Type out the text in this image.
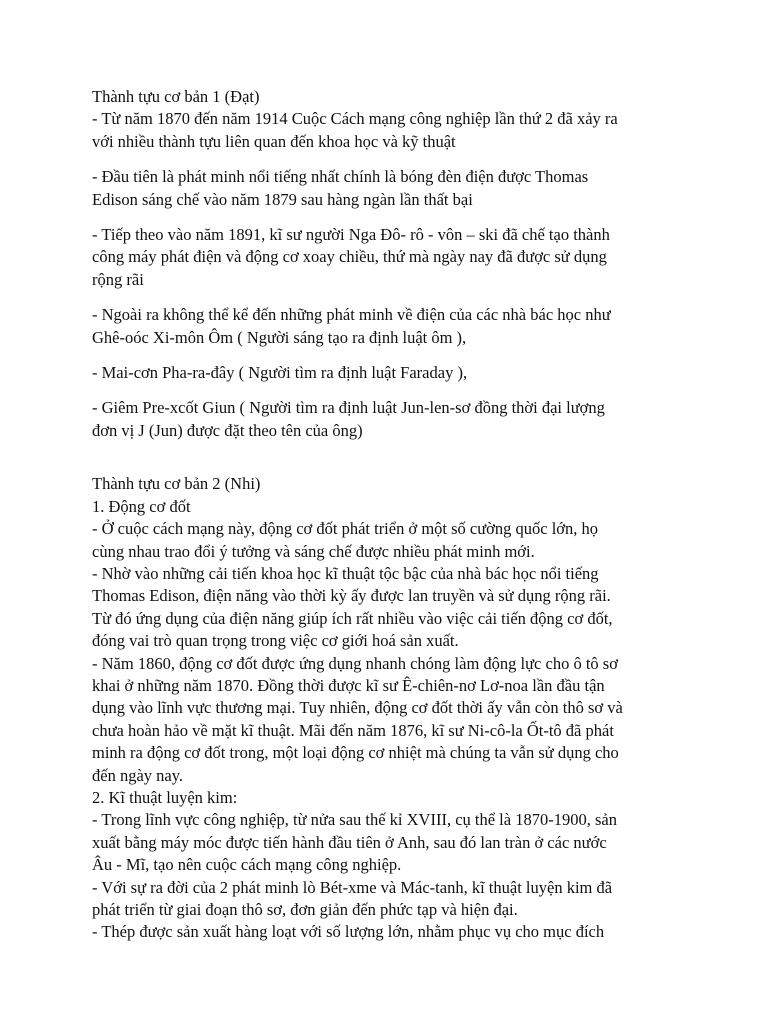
Thành tựu cơ bản 1 (Đạt)
- Từ năm 1870 đến năm 1914 Cuộc Cách mạng công nghiệp lần thứ 2 đã xảy ra
với nhiều thành tựu liên quan đến khoa học và kỹ thuật
- Đầu tiên là phát minh nổi tiếng nhất chính là bóng đèn điện được Thomas
Edison sáng chế vào năm 1879 sau hàng ngàn lần thất bại
- Tiếp theo vào năm 1891, kĩ sư người Nga Đô- rô - vôn – ski đã chế tạo thành
công máy phát điện và động cơ xoay chiều, thứ mà ngày nay đã được sử dụng
rộng rãi
- Ngoài ra không thể kể đến những phát minh về điện của các nhà bác học như
Ghê-oóc Xi-môn Ôm ( Người sáng tạo ra định luật ôm ),
- Mai-cơn Pha-ra-đây ( Người tìm ra định luật Faraday ),
- Giêm Pre-xcốt Giun ( Người tìm ra định luật Jun-len-sơ đồng thời đại lượng
đơn vị J (Jun) được đặt theo tên của ông)
Thành tựu cơ bản 2 (Nhi)
1. Động cơ đốt
- Ở cuộc cách mạng này, động cơ đốt phát triển ở một số cường quốc lớn, họ
cùng nhau trao đổi ý tưởng và sáng chế được nhiều phát minh mới.
- Nhờ vào những cải tiến khoa học kĩ thuật tộc bậc của nhà bác học nổi tiếng
Thomas Edison, điện năng vào thời kỳ ấy được lan truyền và sử dụng rộng rãi.
Từ đó ứng dụng của điện năng giúp ích rất nhiều vào việc cải tiến động cơ đốt,
đóng vai trò quan trọng trong việc cơ giới hoá sản xuất.
- Năm 1860, động cơ đốt được ứng dụng nhanh chóng làm động lực cho ô tô sơ
khai ở những năm 1870. Đồng thời được kĩ sư Ê-chiên-nơ Lơ-noa lần đầu tận
dụng vào lĩnh vực thương mại. Tuy nhiên, động cơ đốt thời ấy vẫn còn thô sơ và
chưa hoàn hảo về mặt kĩ thuật. Mãi đến năm 1876, kĩ sư Ni-cô-la Ốt-tô đã phát
minh ra động cơ đốt trong, một loại động cơ nhiệt mà chúng ta vẫn sử dụng cho
đến ngày nay.
2. Kĩ thuật luyện kim:
- Trong lĩnh vực công nghiệp, từ nửa sau thế kỉ XVIII, cụ thể là 1870-1900, sản
xuất bằng máy móc được tiến hành đầu tiên ở Anh, sau đó lan tràn ở các nước
Âu - Mĩ, tạo nên cuộc cách mạng công nghiệp.
- Với sự ra đời của 2 phát minh lò Bét-xme và Mác-tanh, kĩ thuật luyện kim đã
phát triển từ giai đoạn thô sơ, đơn giản đến phức tạp và hiện đại.
- Thép được sản xuất hàng loạt với số lượng lớn, nhằm phục vụ cho mục đích
